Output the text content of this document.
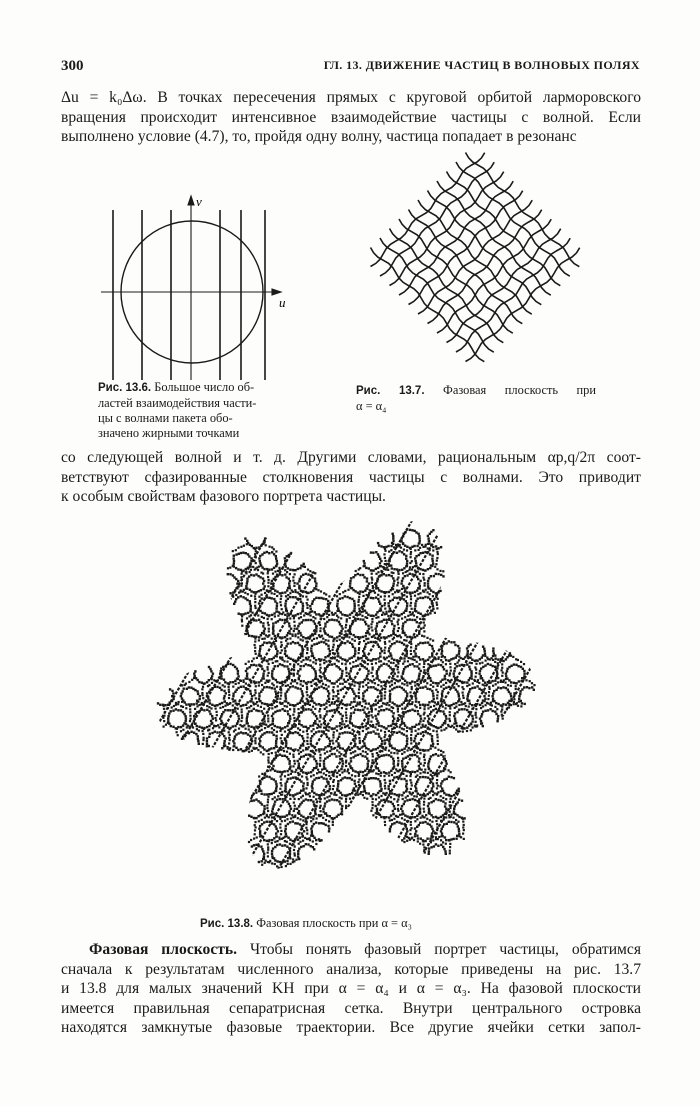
300	ГЛ. 13. ДВИЖЕНИЕ ЧАСТИЦ В ВОЛНОВЫХ ПОЛЯХ
Δu = k₀Δω. В точках пересечения прямых с круговой орбитой ларморовского
вращения происходит интенсивное взаимодействие частицы с волной. Если
выполнено условие (4.7), то, пройдя одну волну, частица попадает в резонанс
v
u
Рис. 13.6. Большое число об-
ластей взаимодействия части-
цы с волнами пакета обо-
значено жирными точками
Рис. 13.7. Фазовая плоскость при
α = α₄
со следующей волной и т. д. Другими словами, рациональным αp,q/2π соот-
ветствуют сфазированные столкновения частицы с волнами. Это приводит
к особым свойствам фазового портрета частицы.
Рис. 13.8. Фазовая плоскость при α = α₃
Фазовая плоскость. Чтобы понять фазовый портрет частицы, обратимся
сначала к результатам численного анализа, которые приведены на рис. 13.7
и 13.8 для малых значений KH при α = α₄ и α = α₃. На фазовой плоскости
имеется правильная сепаратрисная сетка. Внутри центрального островка
находятся замкнутые фазовые траектории. Все другие ячейки сетки запол-
